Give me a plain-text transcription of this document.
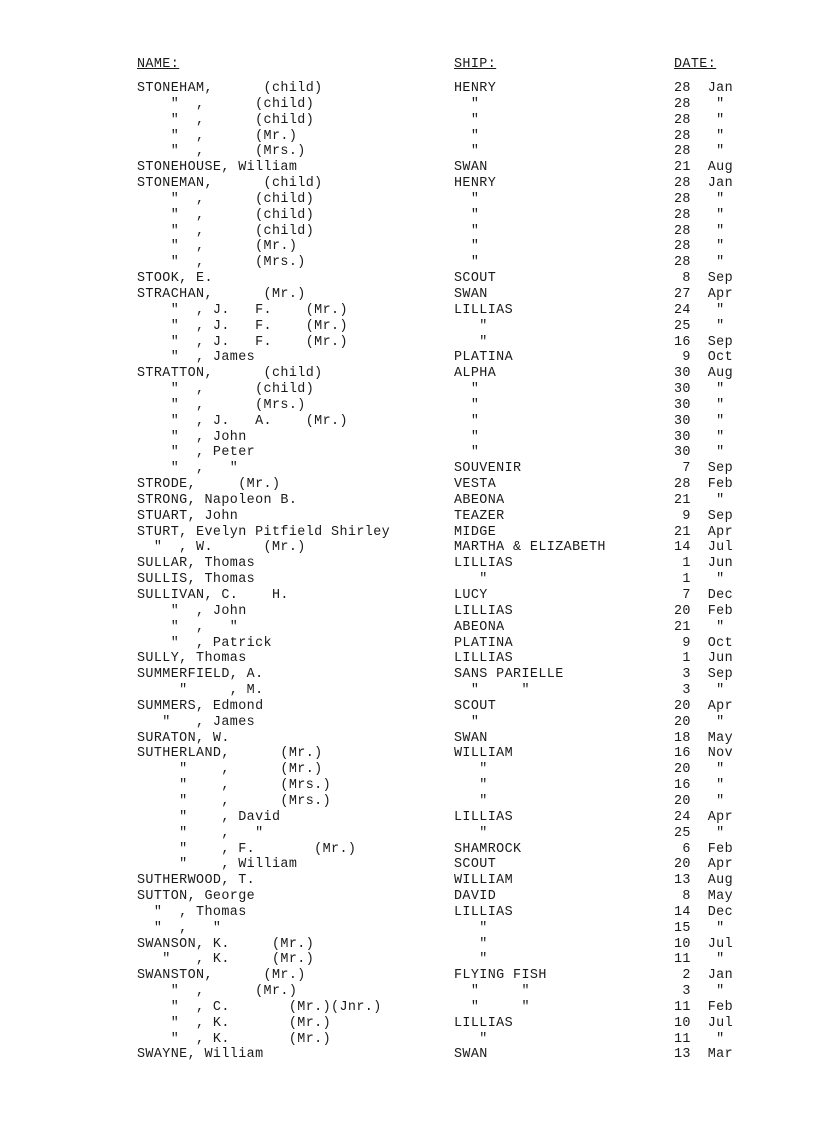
NAME:	SHIP:	DATE:
STONEHAM,      (child)	HENRY	28  Jan
"  ,      (child)	"	28   "
"  ,      (child)	"	28   "
"  ,      (Mr.)	"	28   "
"  ,      (Mrs.)	"	28   "
STONEHOUSE, William	SWAN	21  Aug
STONEMAN,      (child)	HENRY	28  Jan
"  ,      (child)	"	28   "
"  ,      (child)	"	28   "
"  ,      (child)	"	28   "
"  ,      (Mr.)	"	28   "
"  ,      (Mrs.)	"	28   "
STOOK, E.	SCOUT	8  Sep
STRACHAN,      (Mr.)	SWAN	27  Apr
"  , J.   F.    (Mr.)	LILLIAS	24   "
"  , J.   F.    (Mr.)	"	25   "
"  , J.   F.    (Mr.)	"	16  Sep
"  , James	PLATINA	9  Oct
STRATTON,      (child)	ALPHA	30  Aug
"  ,      (child)	"	30   "
"  ,      (Mrs.)	"	30   "
"  , J.   A.    (Mr.)	"	30   "
"  , John	"	30   "
"  , Peter	"	30   "
"  ,   "	SOUVENIR	7  Sep
STRODE,     (Mr.)	VESTA	28  Feb
STRONG, Napoleon B.	ABEONA	21   "
STUART, John	TEAZER	9  Sep
STURT, Evelyn Pitfield Shirley	MIDGE	21  Apr
"  , W.      (Mr.)	MARTHA & ELIZABETH	14  Jul
SULLAR, Thomas	LILLIAS	1  Jun
SULLIS, Thomas	"	1   "
SULLIVAN, C.    H.	LUCY	7  Dec
"  , John	LILLIAS	20  Feb
"  ,   "	ABEONA	21   "
"  , Patrick	PLATINA	9  Oct
SULLY, Thomas	LILLIAS	1  Jun
SUMMERFIELD, A.	SANS PARIELLE	3  Sep
"     , M.	"     "	3   "
SUMMERS, Edmond	SCOUT	20  Apr
"   , James	"	20   "
SURATON, W.	SWAN	18  May
SUTHERLAND,      (Mr.)	WILLIAM	16  Nov
"    ,      (Mr.)	"	20   "
"    ,      (Mrs.)	"	16   "
"    ,      (Mrs.)	"	20   "
"    , David	LILLIAS	24  Apr
"    ,   "	"	25   "
"    , F.       (Mr.)	SHAMROCK	6  Feb
"    , William	SCOUT	20  Apr
SUTHERWOOD, T.	WILLIAM	13  Aug
SUTTON, George	DAVID	8  May
"  , Thomas	LILLIAS	14  Dec
"  ,   "	"	15   "
SWANSON, K.     (Mr.)	"	10  Jul
"   , K.     (Mr.)	"	11   "
SWANSTON,      (Mr.)	FLYING FISH	2  Jan
"  ,      (Mr.)	"     "	3   "
"  , C.       (Mr.)(Jnr.)	"     "	11  Feb
"  , K.       (Mr.)	LILLIAS	10  Jul
"  , K.       (Mr.)	"	11   "
SWAYNE, William	SWAN	13  Mar
